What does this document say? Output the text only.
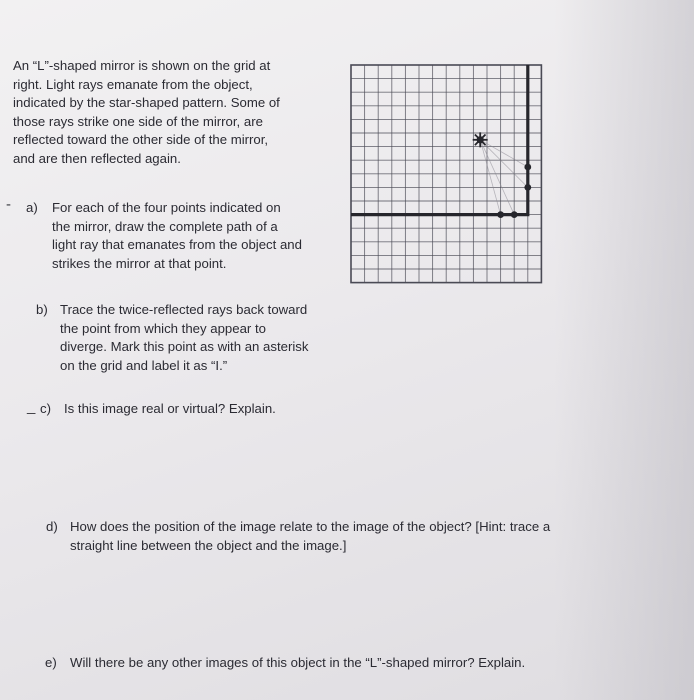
An “L”-shaped mirror is shown on the grid at
right. Light rays emanate from the object,
indicated by the star-shaped pattern. Some of
those rays strike one side of the mirror, are
reflected toward the other side of the mirror,
and are then reflected again.
- a) For each of the four points indicated on
the mirror, draw the complete path of a
light ray that emanates from the object and
strikes the mirror at that point.
b) Trace the twice-reflected rays back toward
the point from which they appear to
diverge. Mark this point as with an asterisk
on the grid and label it as “I.”
_ c) Is this image real or virtual? Explain.
d) How does the position of the image relate to the image of the object? [Hint: trace a
straight line between the object and the image.]
e) Will there be any other images of this object in the “L”-shaped mirror? Explain.
